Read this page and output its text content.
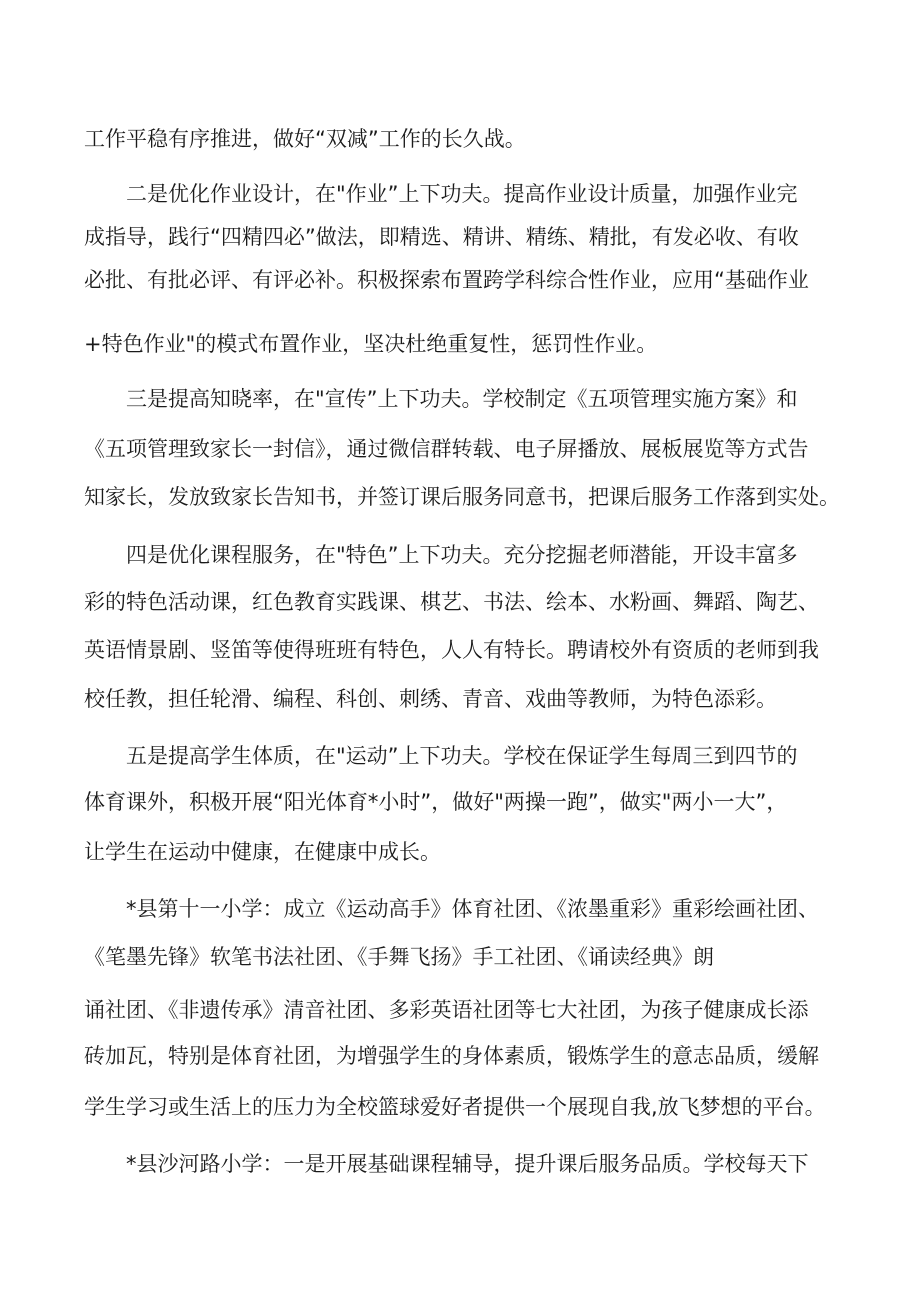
工作平稳有序推进，做好“双减”工作的长久战。
二是优化作业设计，在"作业”上下功夫。提高作业设计质量，加强作业完
成指导，践行“四精四必”做法，即精选、精讲、精练、精批，有发必收、有收
必批、有批必评、有评必补。积极探索布置跨学科综合性作业，应用“基础作业
+特色作业"的模式布置作业，坚决杜绝重复性，惩罚性作业。
三是提高知晓率，在"宣传”上下功夫。学校制定《五项管理实施方案》和
《五项管理致家长一封信》，通过微信群转载、电子屏播放、展板展览等方式告
知家长，发放致家长告知书，并签订课后服务同意书，把课后服务工作落到实处。
四是优化课程服务，在"特色”上下功夫。充分挖掘老师潜能，开设丰富多
彩的特色活动课，红色教育实践课、棋艺、书法、绘本、水粉画、舞蹈、陶艺、
英语情景剧、竖笛等使得班班有特色，人人有特长。聘请校外有资质的老师到我
校任教，担任轮滑、编程、科创、刺绣、青音、戏曲等教师，为特色添彩。
五是提高学生体质，在"运动”上下功夫。学校在保证学生每周三到四节的
体育课外，积极开展“阳光体育*小时”，做好"两操一跑”，做实"两小一大”，
让学生在运动中健康，在健康中成长。
*县第十一小学：成立《运动高手》体育社团、《浓墨重彩》重彩绘画社团、
《笔墨先锋》软笔书法社团、《手舞飞扬》手工社团、《诵读经典》朗
诵社团、《非遗传承》清音社团、多彩英语社团等七大社团，为孩子健康成长添
砖加瓦，特别是体育社团，为增强学生的身体素质，锻炼学生的意志品质，缓解
学生学习或生活上的压力为全校篮球爱好者提供一个展现自我,放飞梦想的平台。
*县沙河路小学：一是开展基础课程辅导，提升课后服务品质。学校每天下
